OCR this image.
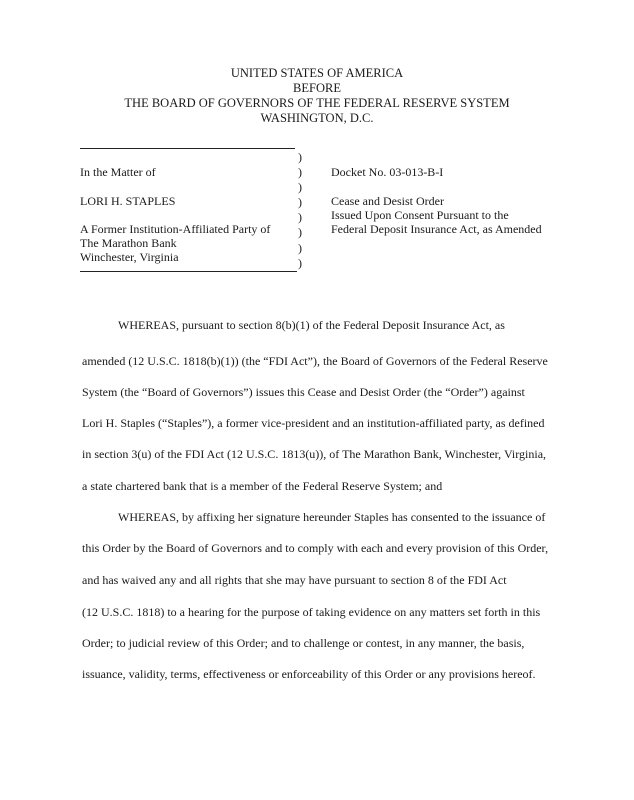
UNITED STATES OF AMERICA
BEFORE
THE BOARD OF GOVERNORS OF THE FEDERAL RESERVE SYSTEM
WASHINGTON, D.C.
In the Matter of
LORI H. STAPLES
A Former Institution-Affiliated Party of
The Marathon Bank
Winchester, Virginia
)
)
)
)
)
)
)
)
Docket No. 03-013-B-I
Cease and Desist Order
Issued Upon Consent Pursuant to the
Federal Deposit Insurance Act, as Amended
WHEREAS, pursuant to section 8(b)(1) of the Federal Deposit Insurance Act, as
amended (12 U.S.C. 1818(b)(1)) (the “FDI Act”), the Board of Governors of the Federal Reserve
System (the “Board of Governors”) issues this Cease and Desist Order (the “Order”) against
Lori H. Staples (“Staples”), a former vice-president and an institution-affiliated party, as defined
in section 3(u) of the FDI Act (12 U.S.C. 1813(u)), of The Marathon Bank, Winchester, Virginia,
a state chartered bank that is a member of the Federal Reserve System; and
WHEREAS, by affixing her signature hereunder Staples has consented to the issuance of
this Order by the Board of Governors and to comply with each and every provision of this Order,
and has waived any and all rights that she may have pursuant to section 8 of the FDI Act
(12 U.S.C. 1818) to a hearing for the purpose of taking evidence on any matters set forth in this
Order; to judicial review of this Order; and to challenge or contest, in any manner, the basis,
issuance, validity, terms, effectiveness or enforceability of this Order or any provisions hereof.
